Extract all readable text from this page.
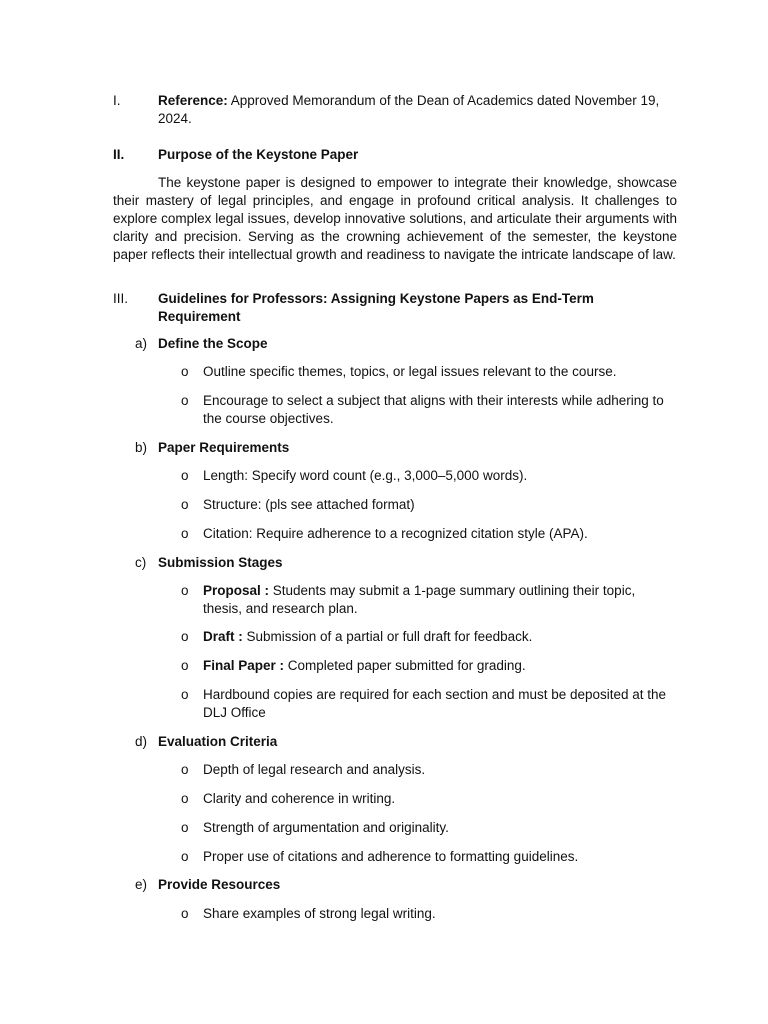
I.	Reference: Approved Memorandum of the Dean of Academics dated November 19, 2024.
II. Purpose of the Keystone Paper
The keystone paper is designed to empower to integrate their knowledge, showcase their mastery of legal principles, and engage in profound critical analysis. It challenges to explore complex legal issues, develop innovative solutions, and articulate their arguments with clarity and precision. Serving as the crowning achievement of the semester, the keystone paper reflects their intellectual growth and readiness to navigate the intricate landscape of law.
III. Guidelines for Professors: Assigning Keystone Papers as End-Term Requirement
a) Define the Scope
o Outline specific themes, topics, or legal issues relevant to the course.
o Encourage to select a subject that aligns with their interests while adhering to the course objectives.
b) Paper Requirements
o Length: Specify word count (e.g., 3,000–5,000 words).
o Structure: (pls see attached format)
o Citation: Require adherence to a recognized citation style (APA).
c) Submission Stages
o Proposal : Students may submit a 1-page summary outlining their topic, thesis, and research plan.
o Draft : Submission of a partial or full draft for feedback.
o Final Paper : Completed paper submitted for grading.
o Hardbound copies are required for each section and must be deposited at the DLJ Office
d) Evaluation Criteria
o Depth of legal research and analysis.
o Clarity and coherence in writing.
o Strength of argumentation and originality.
o Proper use of citations and adherence to formatting guidelines.
e) Provide Resources
o Share examples of strong legal writing.
